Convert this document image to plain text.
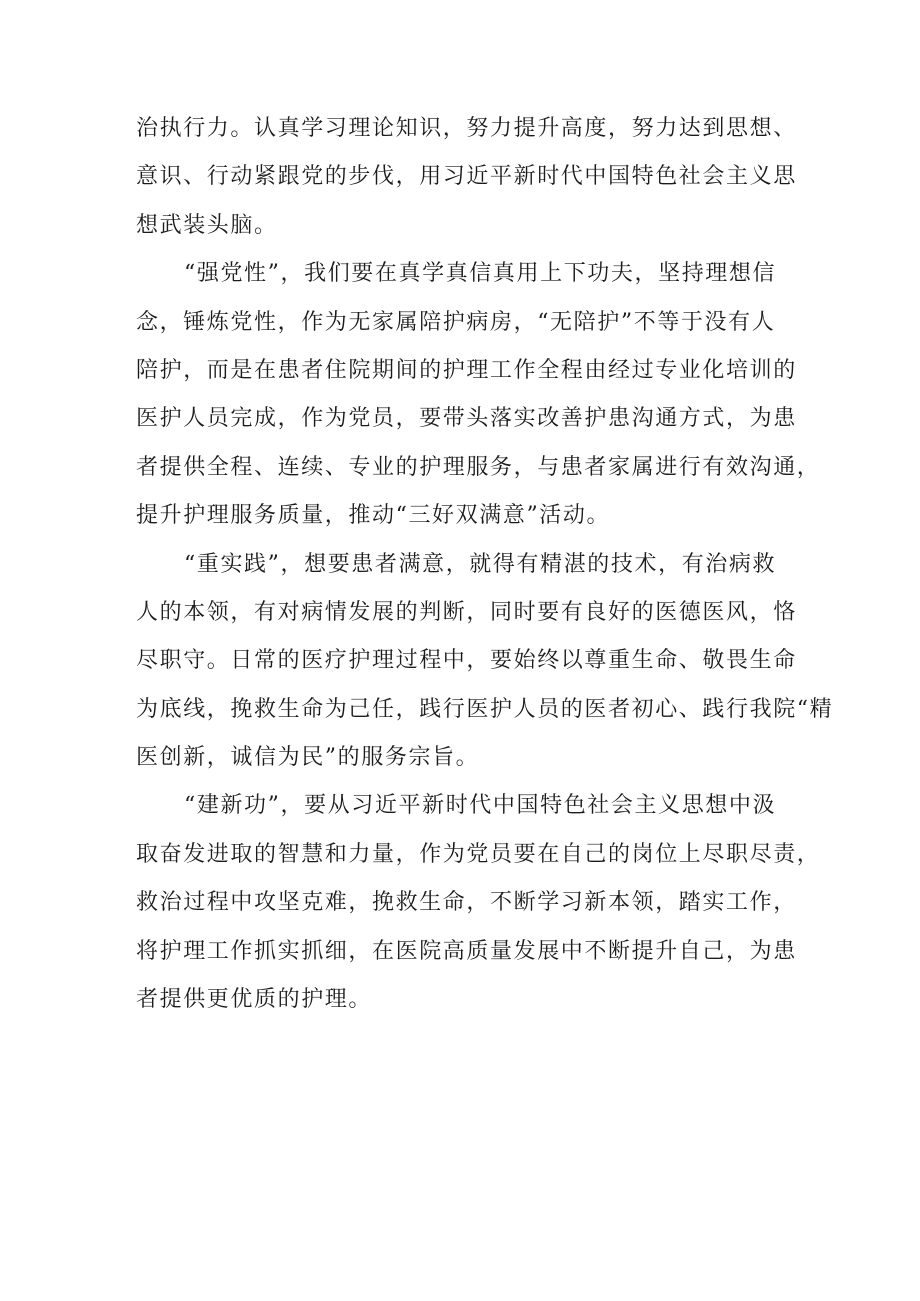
治执行力。认真学习理论知识，努力提升高度，努力达到思想、
意识、行动紧跟党的步伐，用习近平新时代中国特色社会主义思
想武装头脑。
“强党性”，我们要在真学真信真用上下功夫，坚持理想信
念，锤炼党性，作为无家属陪护病房，“无陪护”不等于没有人
陪护，而是在患者住院期间的护理工作全程由经过专业化培训的
医护人员完成，作为党员，要带头落实改善护患沟通方式，为患
者提供全程、连续、专业的护理服务，与患者家属进行有效沟通，
提升护理服务质量，推动“三好双满意”活动。
“重实践”，想要患者满意，就得有精湛的技术，有治病救
人的本领，有对病情发展的判断，同时要有良好的医德医风，恪
尽职守。日常的医疗护理过程中，要始终以尊重生命、敬畏生命
为底线，挽救生命为己任，践行医护人员的医者初心、践行我院“精
医创新，诚信为民”的服务宗旨。
“建新功”，要从习近平新时代中国特色社会主义思想中汲
取奋发进取的智慧和力量，作为党员要在自己的岗位上尽职尽责，
救治过程中攻坚克难，挽救生命，不断学习新本领，踏实工作，
将护理工作抓实抓细，在医院高质量发展中不断提升自己，为患
者提供更优质的护理。
